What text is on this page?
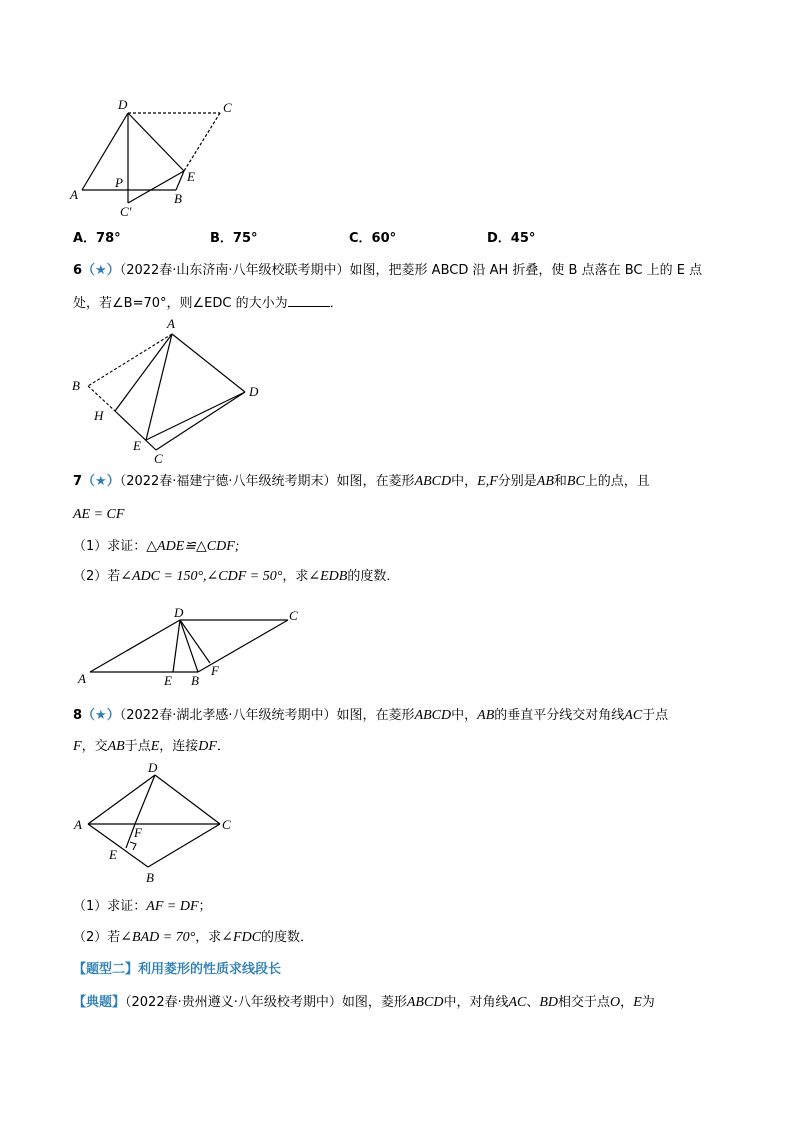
A
D	C
E
B
P
C′
A．78°	B．75°	C．60°	D．45°
6（★）（2022春·山东济南·八年级校联考期中）如图，把菱形 ABCD 沿 AH 折叠，使 B 点落在 BC 上的 E 点
处，若∠B=70°，则∠EDC 的大小为	．
A
B
H
E
C
D
7（★）（2022春·福建宁德·八年级统考期末）如图，在菱形ABCD中，E,F分别是AB和BC上的点，且
AE = CF
（1）求证：△ADE≌△CDF;
（2）若∠ADC = 150°,∠CDF = 50°，求∠EDB的度数．
D	C
A	E B
F
8（★）（2022春·湖北孝感·八年级统考期中）如图，在菱形ABCD中，AB的垂直平分线交对角线AC于点
F，交AB于点E，连接DF．
D
A	C
F
E
B
（1）求证：AF = DF；
（2）若∠BAD = 70°，求∠FDC的度数．
【题型二】利用菱形的性质求线段长
【典题】（2022春·贵州遵义·八年级校考期中）如图，菱形ABCD中，对角线AC、BD相交于点O，E为
